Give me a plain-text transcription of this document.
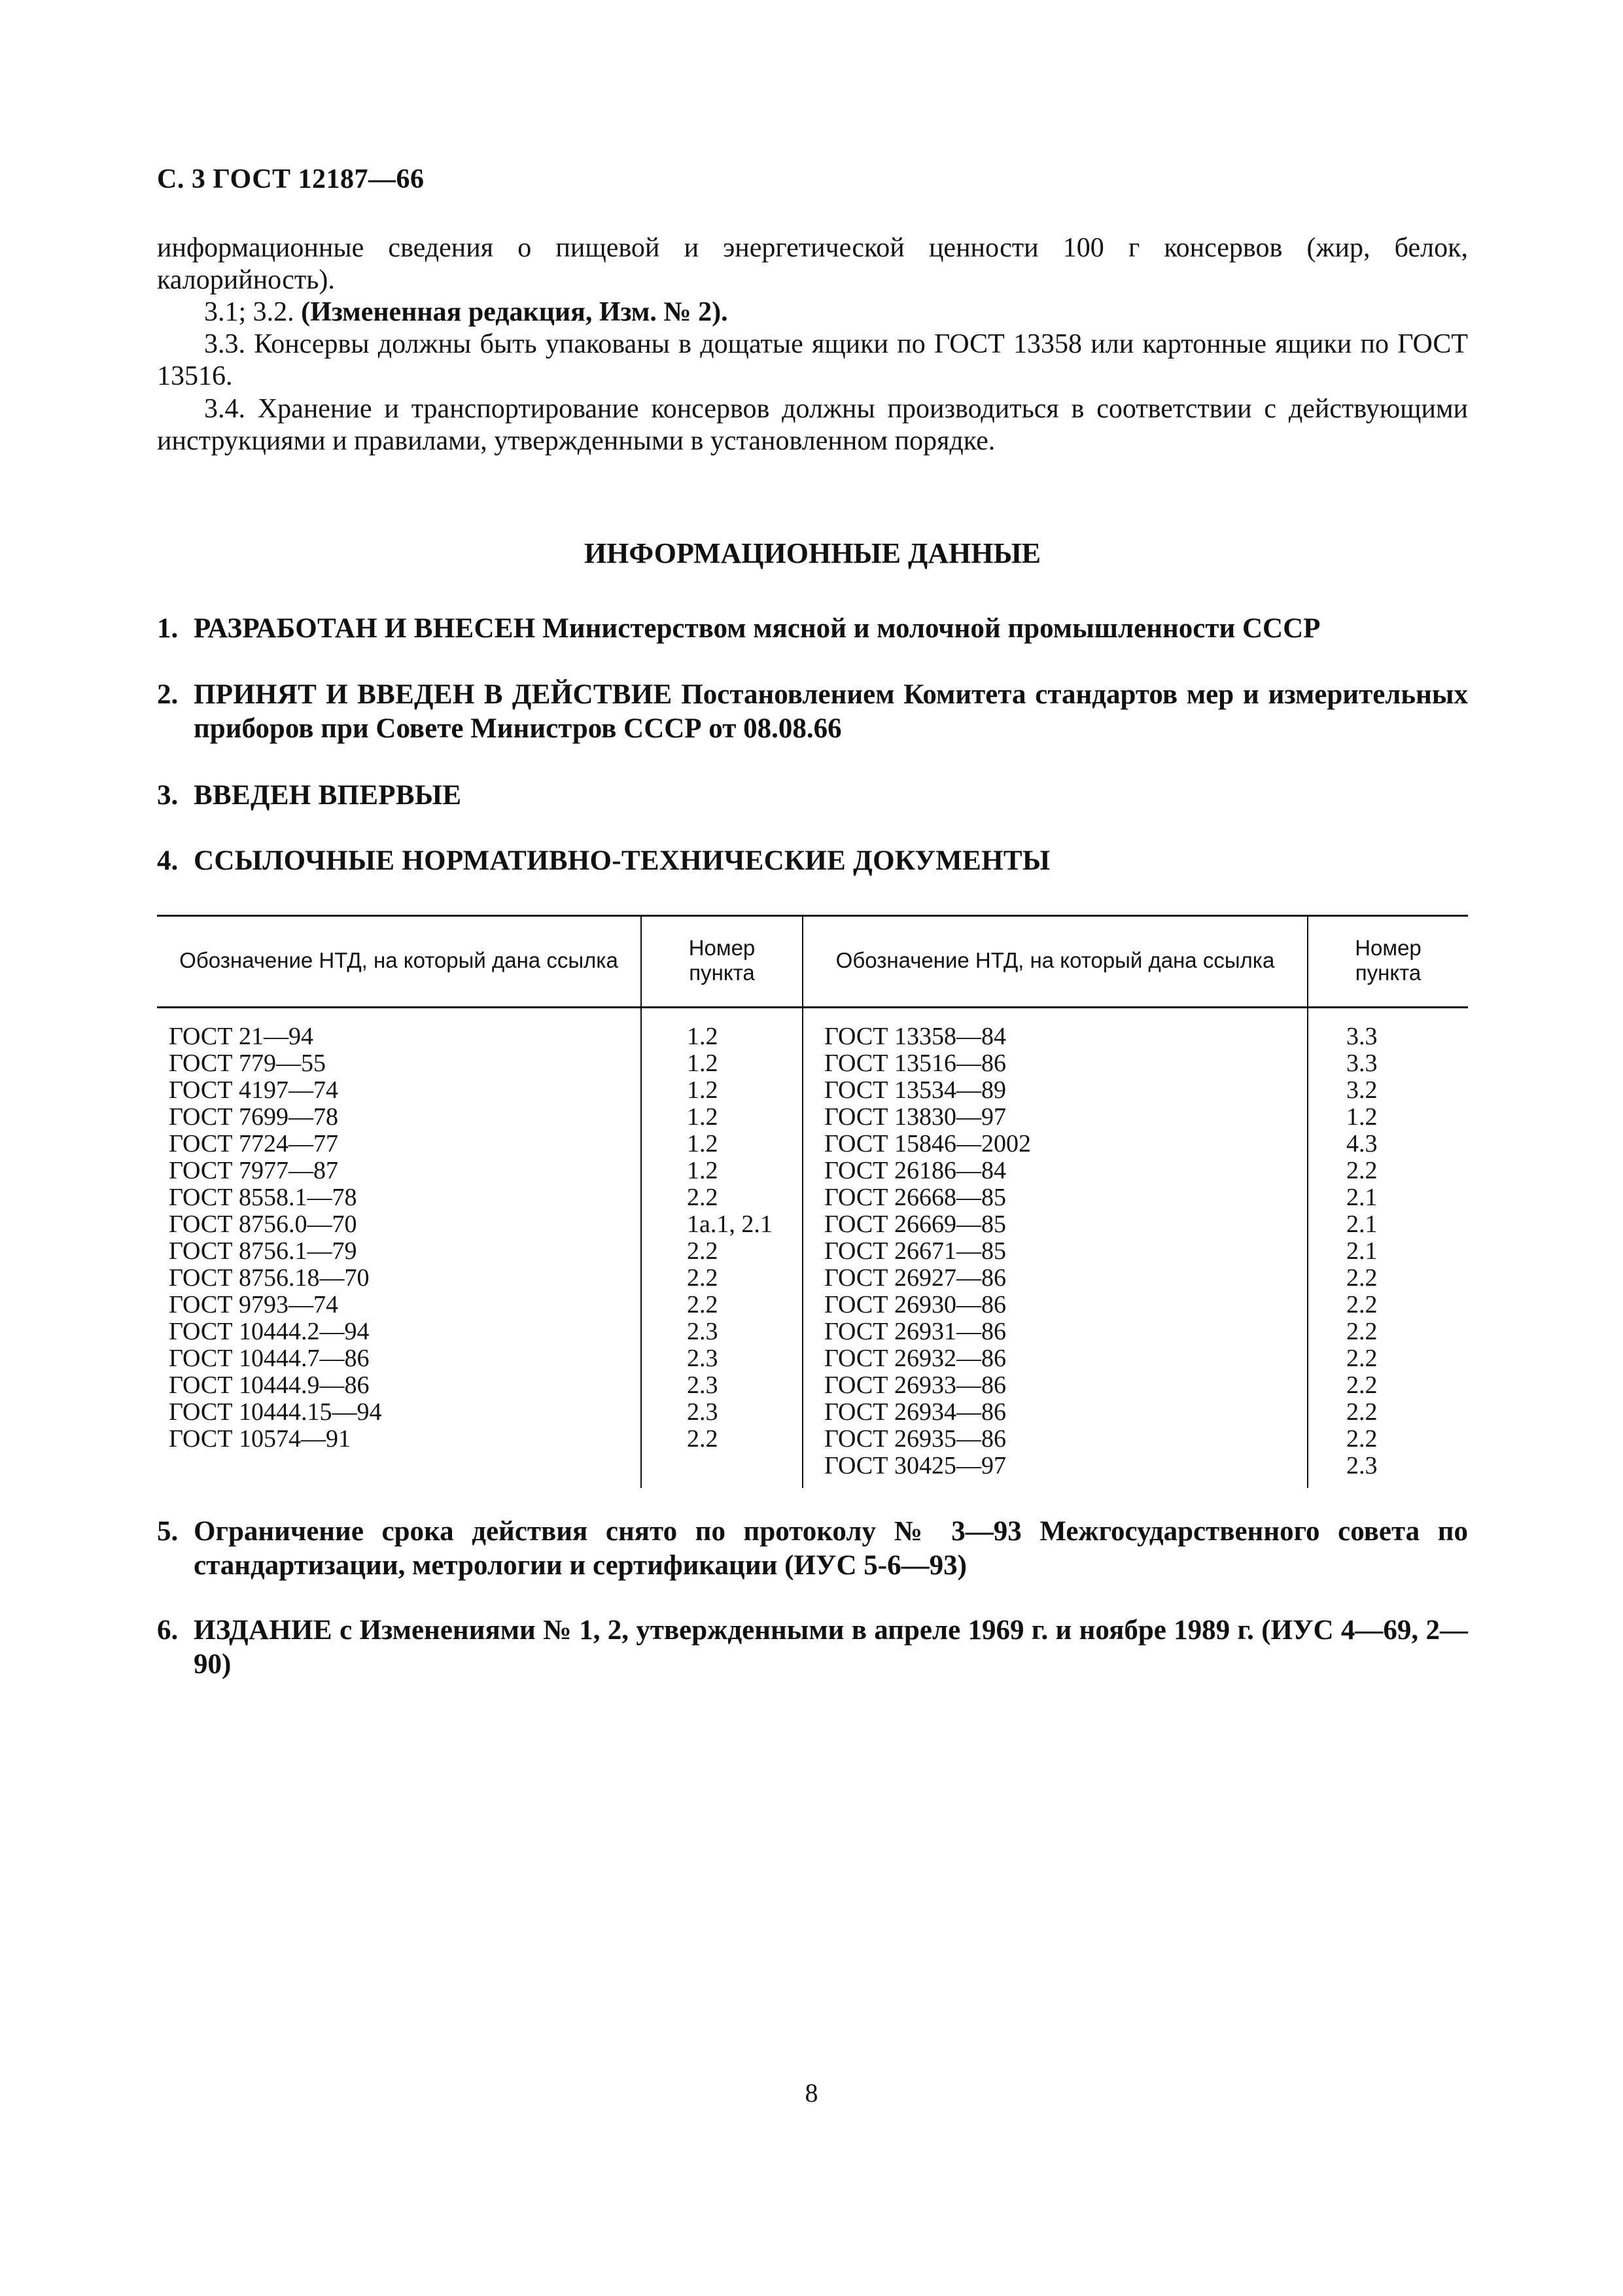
С. 3 ГОСТ 12187—66
информационные сведения о пищевой и энергетической ценности 100 г консервов (жир, белок,
калорийность).
3.1; 3.2. (Измененная редакция, Изм. № 2).
3.3. Консервы должны быть упакованы в дощатые ящики по ГОСТ 13358 или картонные ящики по ГОСТ 13516.
3.4. Хранение и транспортирование консервов должны производиться в соответствии с действующими инструкциями и правилами, утвержденными в установленном порядке.
ИНФОРМАЦИОННЫЕ ДАННЫЕ
1. РАЗРАБОТАН И ВНЕСЕН Министерством мясной и молочной промышленности СССР
2. ПРИНЯТ И ВВЕДЕН В ДЕЙСТВИЕ Постановлением Комитета стандартов мер и измерительных приборов при Совете Министров СССР от 08.08.66
3. ВВЕДЕН ВПЕРВЫЕ
4. ССЫЛОЧНЫЕ НОРМАТИВНО-ТЕХНИЧЕСКИЕ ДОКУМЕНТЫ
Обозначение НТД, на который дана ссылка
Номер
пункта
Обозначение НТД, на который дана ссылка
Номер
пункта
ГОСТ 21—94
ГОСТ 779—55
ГОСТ 4197—74
ГОСТ 7699—78
ГОСТ 7724—77
ГОСТ 7977—87
ГОСТ 8558.1—78
ГОСТ 8756.0—70
ГОСТ 8756.1—79
ГОСТ 8756.18—70
ГОСТ 9793—74
ГОСТ 10444.2—94
ГОСТ 10444.7—86
ГОСТ 10444.9—86
ГОСТ 10444.15—94
ГОСТ 10574—91
1.2
1.2
1.2
1.2
1.2
1.2
2.2
1а.1, 2.1
2.2
2.2
2.2
2.3
2.3
2.3
2.3
2.2
ГОСТ 13358—84
ГОСТ 13516—86
ГОСТ 13534—89
ГОСТ 13830—97
ГОСТ 15846—2002
ГОСТ 26186—84
ГОСТ 26668—85
ГОСТ 26669—85
ГОСТ 26671—85
ГОСТ 26927—86
ГОСТ 26930—86
ГОСТ 26931—86
ГОСТ 26932—86
ГОСТ 26933—86
ГОСТ 26934—86
ГОСТ 26935—86
ГОСТ 30425—97
3.3
3.3
3.2
1.2
4.3
2.2
2.1
2.1
2.1
2.2
2.2
2.2
2.2
2.2
2.2
2.2
2.3
5. Ограничение срока действия снято по протоколу № 3—93 Межгосударственного совета по стандартизации, метрологии и сертификации (ИУС 5-6—93)
6. ИЗДАНИЕ с Изменениями № 1, 2, утвержденными в апреле 1969 г. и ноябре 1989 г. (ИУС 4—69, 2—90)
8
